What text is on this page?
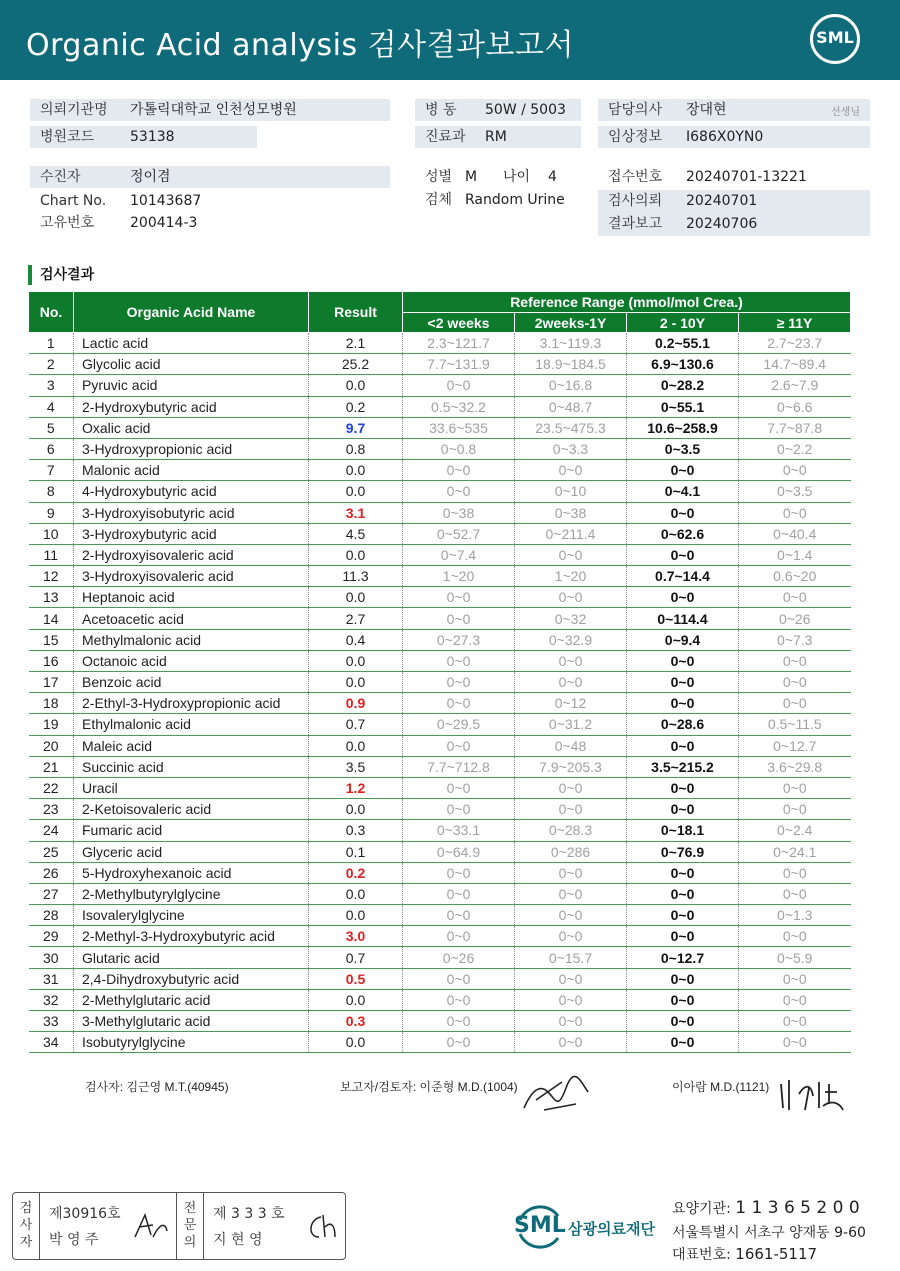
Organic Acid analysis 검사결과보고서	SML
의뢰기관명 가톨릭대학교 인천성모병원
병원코드	53138
병 동 50W / 5003
진료과 RM
담당의사 장대현	선생님
임상정보 I686X0YN0
수진자	정이겸
Chart No. 10143687
고유번호	200414-3
성별 M 나이 4
검체 Random Urine
접수번호 20240701-13221
검사의뢰 20240701
결과보고 20240706
검사결과
No.	Organic Acid Name	Result	Reference Range (mmol/mol Crea.)			
			<2 weeks	2weeks-1Y	2 - 10Y	≥ 11Y
1	Lactic acid	2.1	2.3~121.7	3.1~119.3	0.2~55.1	2.7~23.7
2	Glycolic acid	25.2	7.7~131.9	18.9~184.5	6.9~130.6	14.7~89.4
3	Pyruvic acid	0.0	0~0	0~16.8	0~28.2	2.6~7.9
4	2-Hydroxybutyric acid	0.2	0.5~32.2	0~48.7	0~55.1	0~6.6
5	Oxalic acid	9.7	33.6~535	23.5~475.3	10.6~258.9	7.7~87.8
6	3-Hydroxypropionic acid	0.8	0~0.8	0~3.3	0~3.5	0~2.2
7	Malonic acid	0.0	0~0	0~0	0~0	0~0
8	4-Hydroxybutyric acid	0.0	0~0	0~10	0~4.1	0~3.5
9	3-Hydroxyisobutyric acid	3.1	0~38	0~38	0~0	0~0
10	3-Hydroxybutyric acid	4.5	0~52.7	0~211.4	0~62.6	0~40.4
11	2-Hydroxyisovaleric acid	0.0	0~7.4	0~0	0~0	0~1.4
12	3-Hydroxyisovaleric acid	11.3	1~20	1~20	0.7~14.4	0.6~20
13	Heptanoic acid	0.0	0~0	0~0	0~0	0~0
14	Acetoacetic acid	2.7	0~0	0~32	0~114.4	0~26
15	Methylmalonic acid	0.4	0~27.3	0~32.9	0~9.4	0~7.3
16	Octanoic acid	0.0	0~0	0~0	0~0	0~0
17	Benzoic acid	0.0	0~0	0~0	0~0	0~0
18	2-Ethyl-3-Hydroxypropionic acid	0.9	0~0	0~12	0~0	0~0
19	Ethylmalonic acid	0.7	0~29.5	0~31.2	0~28.6	0.5~11.5
20	Maleic acid	0.0	0~0	0~48	0~0	0~12.7
21	Succinic acid	3.5	7.7~712.8	7.9~205.3	3.5~215.2	3.6~29.8
22	Uracil	1.2	0~0	0~0	0~0	0~0
23	2-Ketoisovaleric acid	0.0	0~0	0~0	0~0	0~0
24	Fumaric acid	0.3	0~33.1	0~28.3	0~18.1	0~2.4
25	Glyceric acid	0.1	0~64.9	0~286	0~76.9	0~24.1
26	5-Hydroxyhexanoic acid	0.2	0~0	0~0	0~0	0~0
27	2-Methylbutyrylglycine	0.0	0~0	0~0	0~0	0~0
28	Isovalerylglycine	0.0	0~0	0~0	0~0	0~1.3
29	2-Methyl-3-Hydroxybutyric acid	3.0	0~0	0~0	0~0	0~0
30	Glutaric acid	0.7	0~26	0~15.7	0~12.7	0~5.9
31	2,4-Dihydroxybutyric acid	0.5	0~0	0~0	0~0	0~0
32	2-Methylglutaric acid	0.0	0~0	0~0	0~0	0~0
33	3-Methylglutaric acid	0.3	0~0	0~0	0~0	0~0
34	Isobutyrylglycine	0.0	0~0	0~0	0~0	0~0
검사자: 김근영 M.T.(40945)	보고자/검토자: 이준형 M.D.(1004)	이아람 M.D.(1121)
검사자
제30916호
박 영 주
전문의
제 3 3 3 호
지 현 영
SML 삼광의료재단
요양기관: 1 1 3 6 5 2 0 0
서울특별시 서초구 양재동 9-60
대표번호: 1661-5117
